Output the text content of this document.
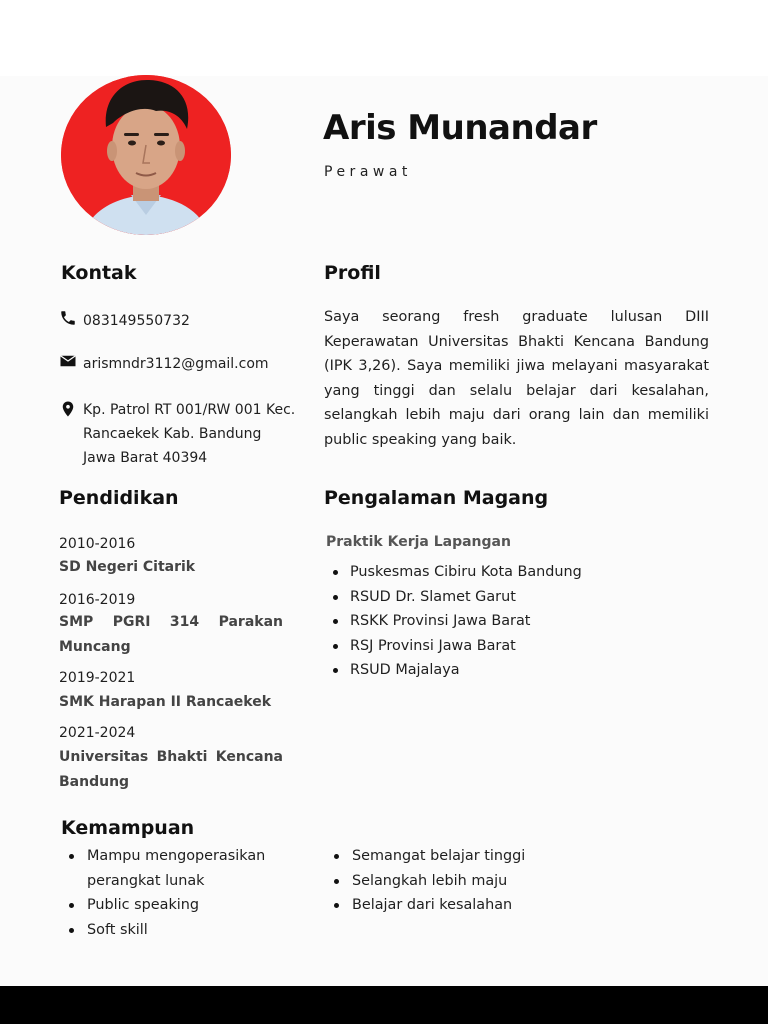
Aris Munandar
Perawat
Kontak
083149550732
arismndr3112@gmail.com
Kp. Patrol RT 001/RW 001 Kec.
Rancaekek Kab. Bandung
Jawa Barat 40394
Profil
Saya seorang fresh graduate lulusan DIII Keperawatan Universitas Bhakti Kencana Bandung (IPK 3,26). Saya memiliki jiwa melayani masyarakat yang tinggi dan selalu belajar dari kesalahan, selangkah lebih maju dari orang lain dan memiliki public speaking yang baik.
Pendidikan
2010-2016
SD Negeri Citarik
2016-2019
SMP PGRI 314 Parakan Muncang
2019-2021
SMK Harapan II Rancaekek
2021-2024
Universitas Bhakti Kencana Bandung
Pengalaman Magang
Praktik Kerja Lapangan
Puskesmas Cibiru Kota Bandung
RSUD Dr. Slamet Garut
RSKK Provinsi Jawa Barat
RSJ Provinsi Jawa Barat
RSUD Majalaya
Kemampuan
Mampu mengoperasikan perangkat lunak
Public speaking
Soft skill
Semangat belajar tinggi
Selangkah lebih maju
Belajar dari kesalahan
